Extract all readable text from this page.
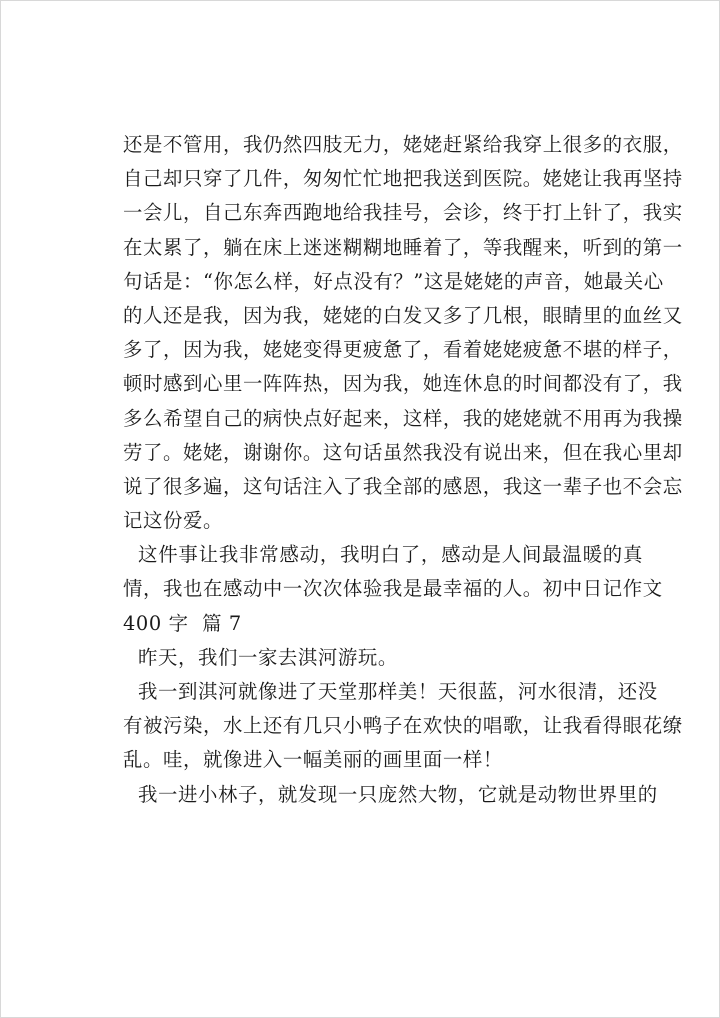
还是不管用，我仍然四肢无力，姥姥赶紧给我穿上很多的衣服，
自己却只穿了几件，匆匆忙忙地把我送到医院。姥姥让我再坚持
一会儿，自己东奔西跑地给我挂号，会诊，终于打上针了，我实
在太累了，躺在床上迷迷糊糊地睡着了，等我醒来，听到的第一
句话是：“你怎么样，好点没有？”这是姥姥的声音，她最关心
的人还是我，因为我，姥姥的白发又多了几根，眼睛里的血丝又
多了，因为我，姥姥变得更疲惫了，看着姥姥疲惫不堪的样子，
顿时感到心里一阵阵热，因为我，她连休息的时间都没有了，我
多么希望自己的病快点好起来，这样，我的姥姥就不用再为我操
劳了。姥姥，谢谢你。这句话虽然我没有说出来，但在我心里却
说了很多遍，这句话注入了我全部的感恩，我这一辈子也不会忘
记这份爱。
这件事让我非常感动，我明白了，感动是人间最温暖的真
情，我也在感动中一次次体验我是最幸福的人。初中日记作文
400 字  篇 7
昨天，我们一家去淇河游玩。
我一到淇河就像进了天堂那样美！天很蓝，河水很清，还没
有被污染，水上还有几只小鸭子在欢快的唱歌，让我看得眼花缭
乱。哇，就像进入一幅美丽的画里面一样！
我一进小林子，就发现一只庞然大物，它就是动物世界里的
